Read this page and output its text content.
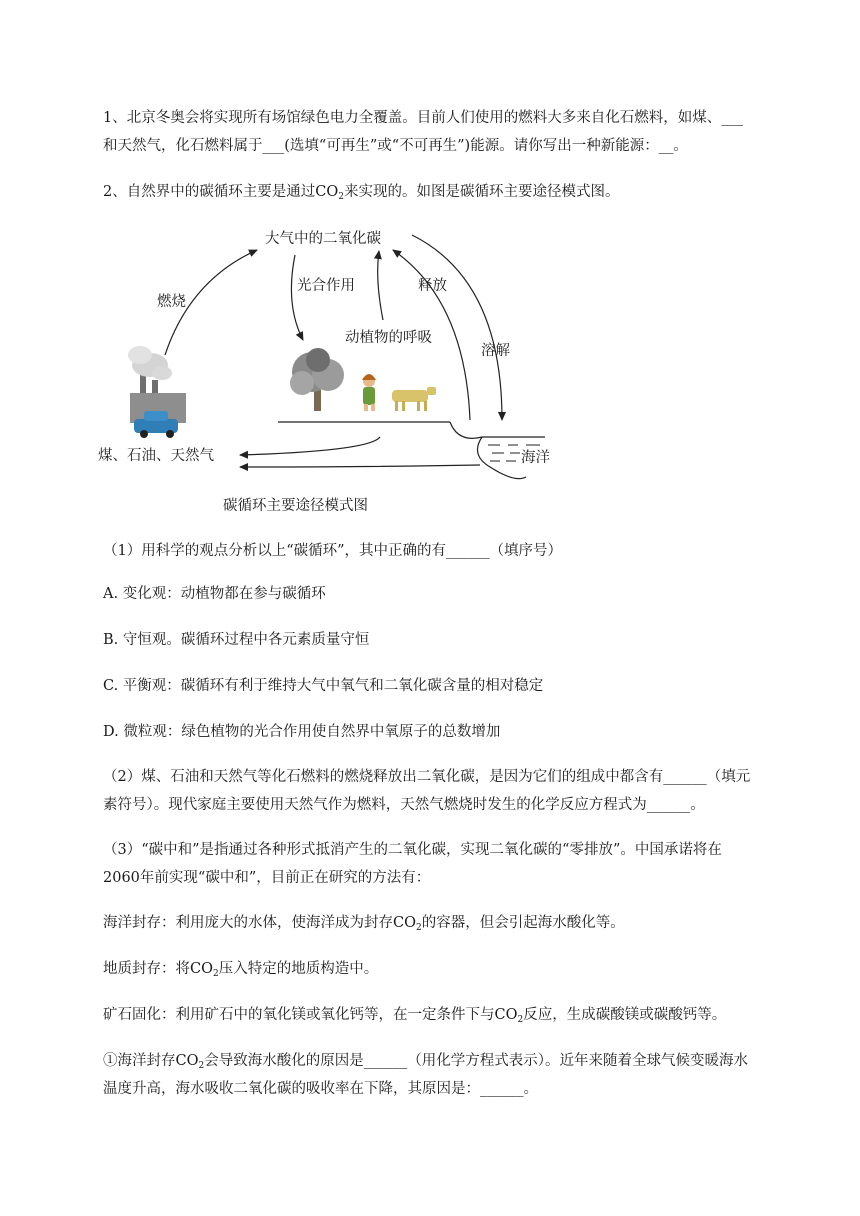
1、北京冬奥会将实现所有场馆绿色电力全覆盖。目前人们使用的燃料大多来自化石燃料，如煤、___
和天然气，化石燃料属于___(选填“可再生”或“不可再生”)能源。请你写出一种新能源：__。
2、自然界中的碳循环主要是通过$CO_2$来实现的。如图是碳循环主要途径模式图。
大气中的二氧化碳
燃烧
光合作用	释放
动植物的呼吸
溶解
煤、石油、天然气	海洋
碳循环主要途径模式图
（1）用科学的观点分析以上“碳循环”，其中正确的有______（填序号）
A. 变化观：动植物都在参与碳循环
B. 守恒观。碳循环过程中各元素质量守恒
C. 平衡观：碳循环有利于维持大气中氧气和二氧化碳含量的相对稳定
D. 微粒观：绿色植物的光合作用使自然界中氧原子的总数增加
（2）煤、石油和天然气等化石燃料的燃烧释放出二氧化碳，是因为它们的组成中都含有______（填元
素符号）。现代家庭主要使用天然气作为燃料，天然气燃烧时发生的化学反应方程式为______。
（3）“碳中和”是指通过各种形式抵消产生的二氧化碳，实现二氧化碳的“零排放”。中国承诺将在
2060年前实现“碳中和”，目前正在研究的方法有：
海洋封存：利用庞大的水体，使海洋成为封存$CO_2$的容器，但会引起海水酸化等。
地质封存：将$CO_2$压入特定的地质构造中。
矿石固化：利用矿石中的氧化镁或氧化钙等，在一定条件下与$CO_2$反应，生成碳酸镁或碳酸钙等。
①海洋封存$CO_2$会导致海水酸化的原因是______（用化学方程式表示）。近年来随着全球气候变暖海水
温度升高，海水吸收二氧化碳的吸收率在下降，其原因是：______。
